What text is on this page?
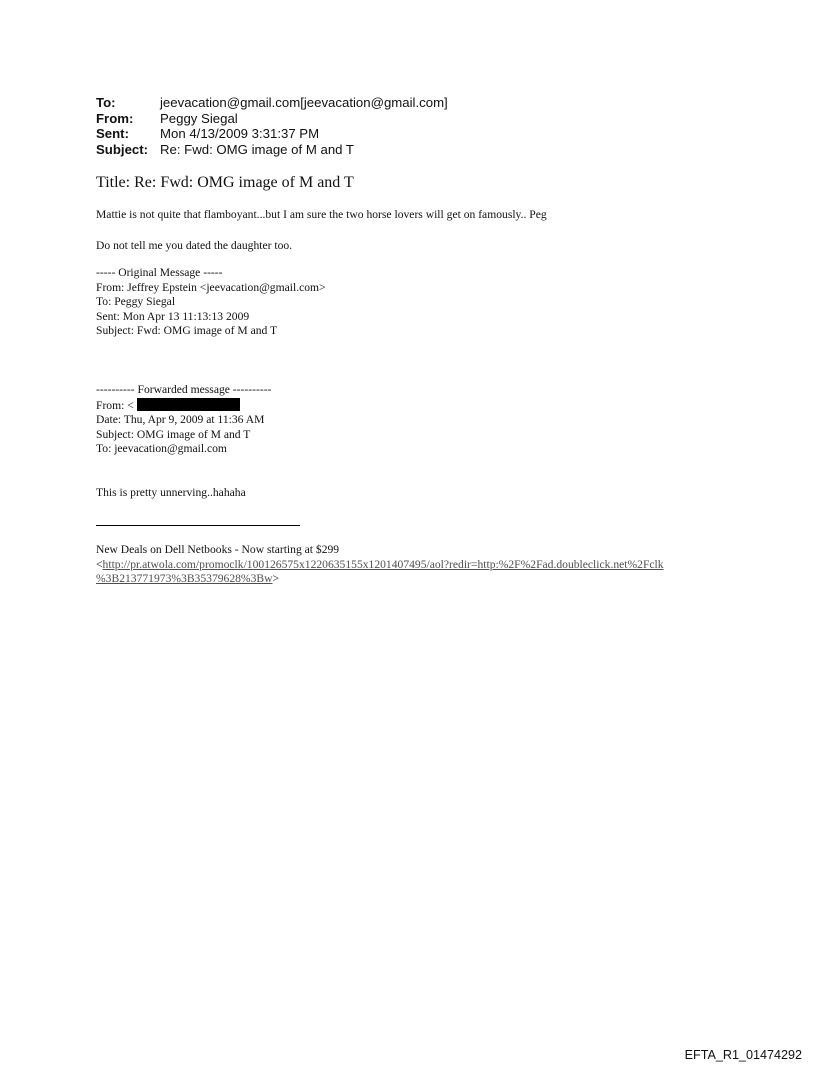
To:	jeevacation@gmail.com[jeevacation@gmail.com]
From:	Peggy Siegal
Sent:	Mon 4/13/2009 3:31:37 PM
Subject: Re: Fwd: OMG image of M and T
Title: Re: Fwd: OMG image of M and T
Mattie is not quite that flamboyant...but I am sure the two horse lovers will get on famously.. Peg
Do not tell me you dated the daughter too.
----- Original Message -----
From: Jeffrey Epstein <jeevacation@gmail.com>
To: Peggy Siegal
Sent: Mon Apr 13 11:13:13 2009
Subject: Fwd: OMG image of M and T
---------- Forwarded message ----------
From: <
Date: Thu, Apr 9, 2009 at 11:36 AM
Subject: OMG image of M and T
To: jeevacation@gmail.com
This is pretty unnerving..hahaha
New Deals on Dell Netbooks - Now starting at $299
<http://pr.atwola.com/promoclk/100126575x1220635155x1201407495/aol?redir=http:%2F%2Fad.doubleclick.net%2Fclk
%3B213771973%3B35379628%3Bw>
EFTA_R1_01474292
